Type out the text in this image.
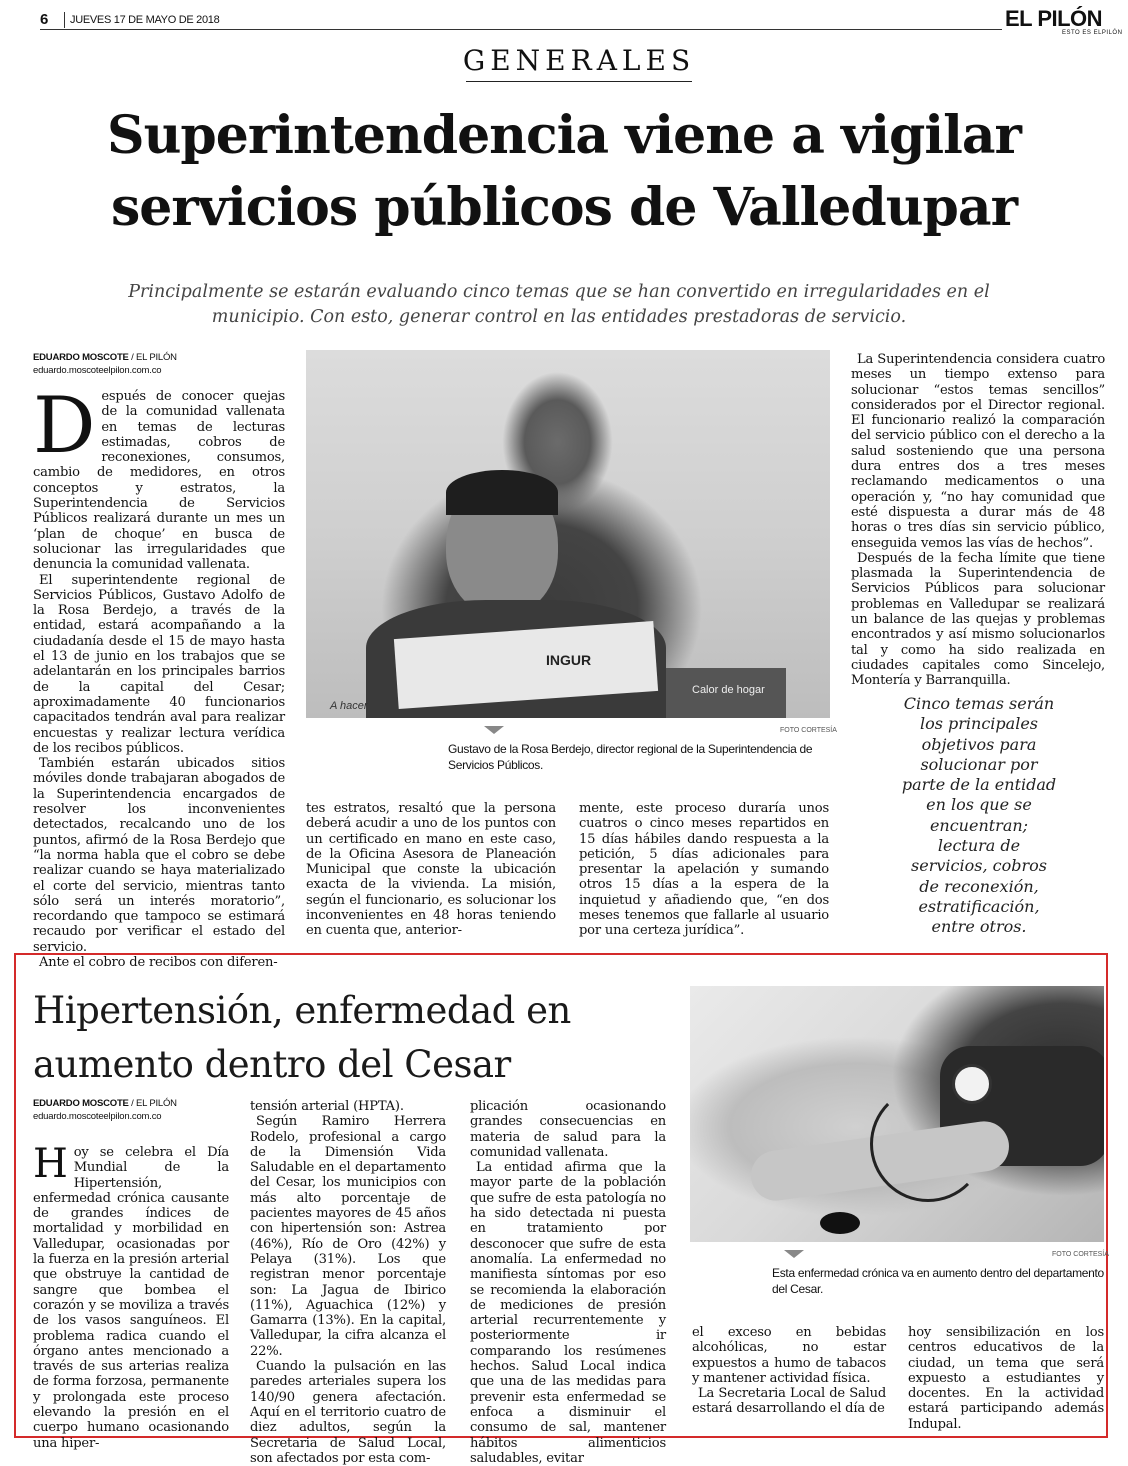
6 JUEVES 17 DE MAYO DE 2018	EL PILÓN
ESTO ES ELPILÓN
GENERALES
Superintendencia viene a vigilar
servicios públicos de Valledupar
Principalmente se estarán evaluando cinco temas que se han convertido en irregularidades en el
municipio. Con esto, generar control en las entidades prestadoras de servicio.
EDUARDO MOSCOTE / EL PILÓN
eduardo.moscoteelpilon.com.co

Después de conocer quejas de la comunidad vallenata en temas de lecturas estimadas, cobros de reconexiones, consumos, cambio de medidores, en otros conceptos y estratos, la Superintendencia de Servicios Públicos realizará durante un mes un ‘plan de choque’ en busca de solucionar las irregularidades que denuncia la comunidad vallenata.

El superintendente regional de Servicios Públicos, Gustavo Adolfo de la Rosa Berdejo, a través de la entidad, estará acompañando a la ciudadanía desde el 15 de mayo hasta el 13 de junio en los trabajos que se adelantarán en los principales barrios de la capital del Cesar; aproximadamente 40 funcionarios capacitados tendrán aval para realizar encuestas y realizar lectura verídica de los recibos públicos.

También estarán ubicados sitios móviles donde trabajaran abogados de la Superintendencia encargados de resolver los inconvenientes detectados, recalcando uno de los puntos, afirmó de la Rosa Berdejo que “la norma habla que el cobro se debe realizar cuando se haya materializado el corte del servicio, mientras tanto sólo será un interés moratorio”, recordando que tampoco se estimará recaudo por verificar el estado del servicio.

Ante el cobro de recibos con diferen-

INGUR
A hacer
Calor de hogar
FOTO CORTESÍA
Gustavo de la Rosa Berdejo, director regional de la Superintendencia de Servicios Públicos.

tes estratos, resaltó que la persona deberá acudir a uno de los puntos con un certificado en mano en este caso, de la Oficina Asesora de Planeación Municipal que conste la ubicación exacta de la vivienda. La misión, según el funcionario, es solucionar los inconvenientes en 48 horas teniendo en cuenta que, anterior-

mente, este proceso duraría unos cuatros o cinco meses repartidos en 15 días hábiles dando respuesta a la petición, 5 días adicionales para presentar la apelación y sumando otros 15 días a la espera de la inquietud y añadiendo que, “en dos meses tenemos que fallarle al usuario por una certeza jurídica”.

La Superintendencia considera cuatro meses un tiempo extenso para solucionar “estos temas sencillos” considerados por el Director regional. El funcionario realizó la comparación del servicio público con el derecho a la salud sosteniendo que una persona dura entres dos a tres meses reclamando medicamentos o una operación y, “no hay comunidad que esté dispuesta a durar más de 48 horas o tres días sin servicio público, enseguida vemos las vías de hechos”.

Después de la fecha límite que tiene plasmada la Superintendencia de Servicios Públicos para solucionar problemas en Valledupar se realizará un balance de las quejas y problemas encontrados y así mismo solucionarlos tal y como ha sido realizada en ciudades capitales como Sincelejo, Montería y Barranquilla.

Cinco temas serán los principales objetivos para solucionar por parte de la entidad en los que se encuentran; lectura de servicios, cobros de reconexión, estratificación, entre otros.
Hipertensión, enfermedad en
aumento dentro del Cesar
EDUARDO MOSCOTE / EL PILÓN
eduardo.moscoteelpilon.com.co

Hoy se celebra el Día Mundial de la Hipertensión, enfermedad crónica causante de grandes índices de mortalidad y morbilidad en Valledupar, ocasionadas por la fuerza en la presión arterial que obstruye la cantidad de sangre que bombea el corazón y se moviliza a través de los vasos sanguíneos. El problema radica cuando el órgano antes mencionado a través de sus arterias realiza de forma forzosa, permanente y prolongada este proceso elevando la presión en el cuerpo humano ocasionando una hiper-

tensión arterial (HPTA).

Según Ramiro Herrera Rodelo, profesional a cargo de la Dimensión Vida Saludable en el departamento del Cesar, los municipios con más alto porcentaje de pacientes mayores de 45 años con hipertensión son: Astrea (46%), Río de Oro (42%) y Pelaya (31%). Los que registran menor porcentaje son: La Jagua de Ibirico (11%), Aguachica (12%) y Gamarra (13%). En la capital, Valledupar, la cifra alcanza el 22%.

Cuando la pulsación en las paredes arteriales supera los 140/90 genera afectación. Aquí en el territorio cuatro de diez adultos, según la Secretaria de Salud Local, son afectados por esta com-

plicación ocasionando grandes consecuencias en materia de salud para la comunidad vallenata.

La entidad afirma que la mayor parte de la población que sufre de esta patología no ha sido detectada ni puesta en tratamiento por desconocer que sufre de esta anomalía. La enfermedad no manifiesta síntomas por eso se recomienda la elaboración de mediciones de presión arterial recurrentemente y posteriormente ir comparando los resúmenes hechos. Salud Local indica que una de las medidas para prevenir esta enfermedad se enfoca a disminuir el consumo de sal, mantener hábitos alimenticios saludables, evitar

FOTO CORTESÍA
Esta enfermedad crónica va en aumento dentro del departamento del Cesar.

el exceso en bebidas alcohólicas, no estar expuestos a humo de tabacos y mantener actividad física.

La Secretaria Local de Salud estará desarrollando el día de

hoy sensibilización en los centros educativos de la ciudad, un tema que será expuesto a estudiantes y docentes. En la actividad estará participando además Indupal.
